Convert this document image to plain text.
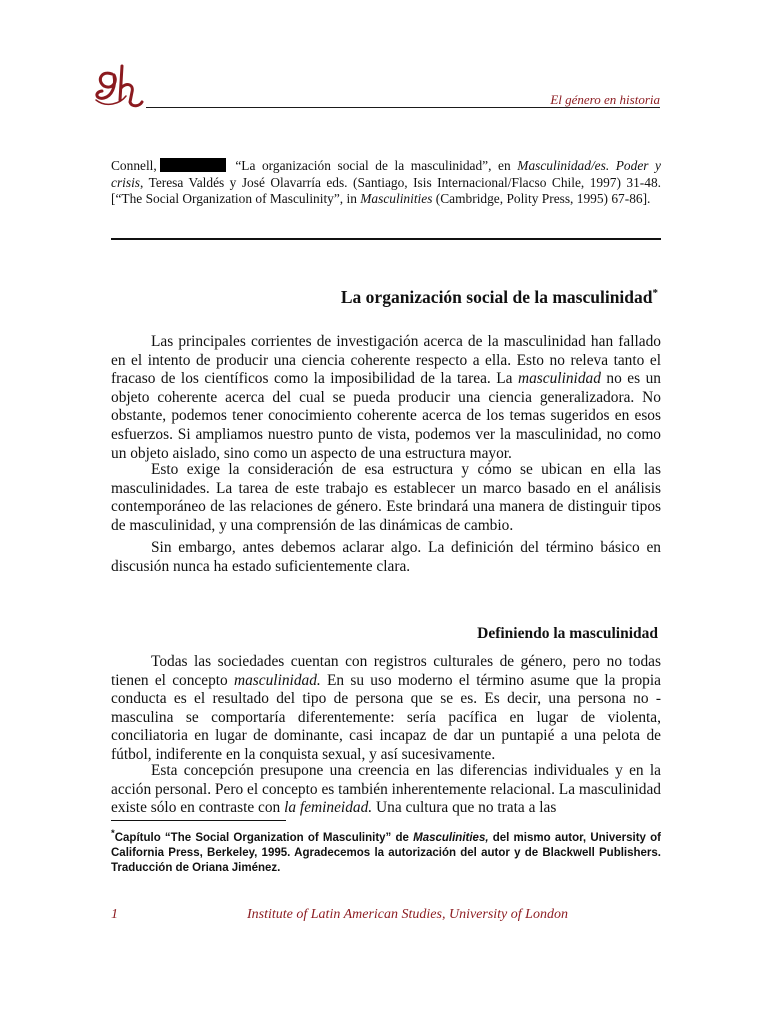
El género en historia
Connell,	“La organización social de la masculinidad”, en Masculinidad/es. Poder y crisis, Teresa Valdés y José Olavarría eds. (Santiago, Isis Internacional/Flacso Chile, 1997) 31-48. [“The Social Organization of Masculinity”, in Masculinities (Cambridge, Polity Press, 1995) 67-86].
La organización social de la masculinidad*

Las principales corrientes de investigación acerca de la masculinidad han fallado en el intento de producir una ciencia coherente respecto a ella. Esto no releva tanto el fracaso de los científicos como la imposibilidad de la tarea. La masculinidad no es un objeto coherente acerca del cual se pueda producir una ciencia generalizadora. No obstante, podemos tener conocimiento coherente acerca de los temas sugeridos en esos esfuerzos. Si ampliamos nuestro punto de vista, podemos ver la masculinidad, no como un objeto aislado, sino como un aspecto de una estructura mayor.

Esto exige la consideración de esa estructura y cómo se ubican en ella las masculinidades. La tarea de este trabajo es establecer un marco basado en el análisis contemporáneo de las relaciones de género. Este brindará una manera de distinguir tipos de masculinidad, y una comprensión de las dinámicas de cambio.

Sin embargo, antes debemos aclarar algo. La definición del término básico en discusión nunca ha estado suficientemente clara.

Definiendo la masculinidad

Todas las sociedades cuentan con registros culturales de género, pero no todas tienen el concepto masculinidad. En su uso moderno el término asume que la propia conducta es el resultado del tipo de persona que se es. Es decir, una persona no -masculina se comportaría diferentemente: sería pacífica en lugar de violenta, conciliatoria en lugar de dominante, casi incapaz de dar un puntapié a una pelota de fútbol, indiferente en la conquista sexual, y así sucesivamente.

Esta concepción presupone una creencia en las diferencias individuales y en la acción personal. Pero el concepto es también inherentemente relacional. La masculinidad existe sólo en contraste con la femineidad. Una cultura que no trata a las

*Capítulo “The Social Organization of Masculinity” de Masculinities, del mismo autor, University of California Press, Berkeley, 1995. Agradecemos la autorización del autor y de Blackwell Publishers. Traducción de Oriana Jiménez.
1	Institute of Latin American Studies, University of London
